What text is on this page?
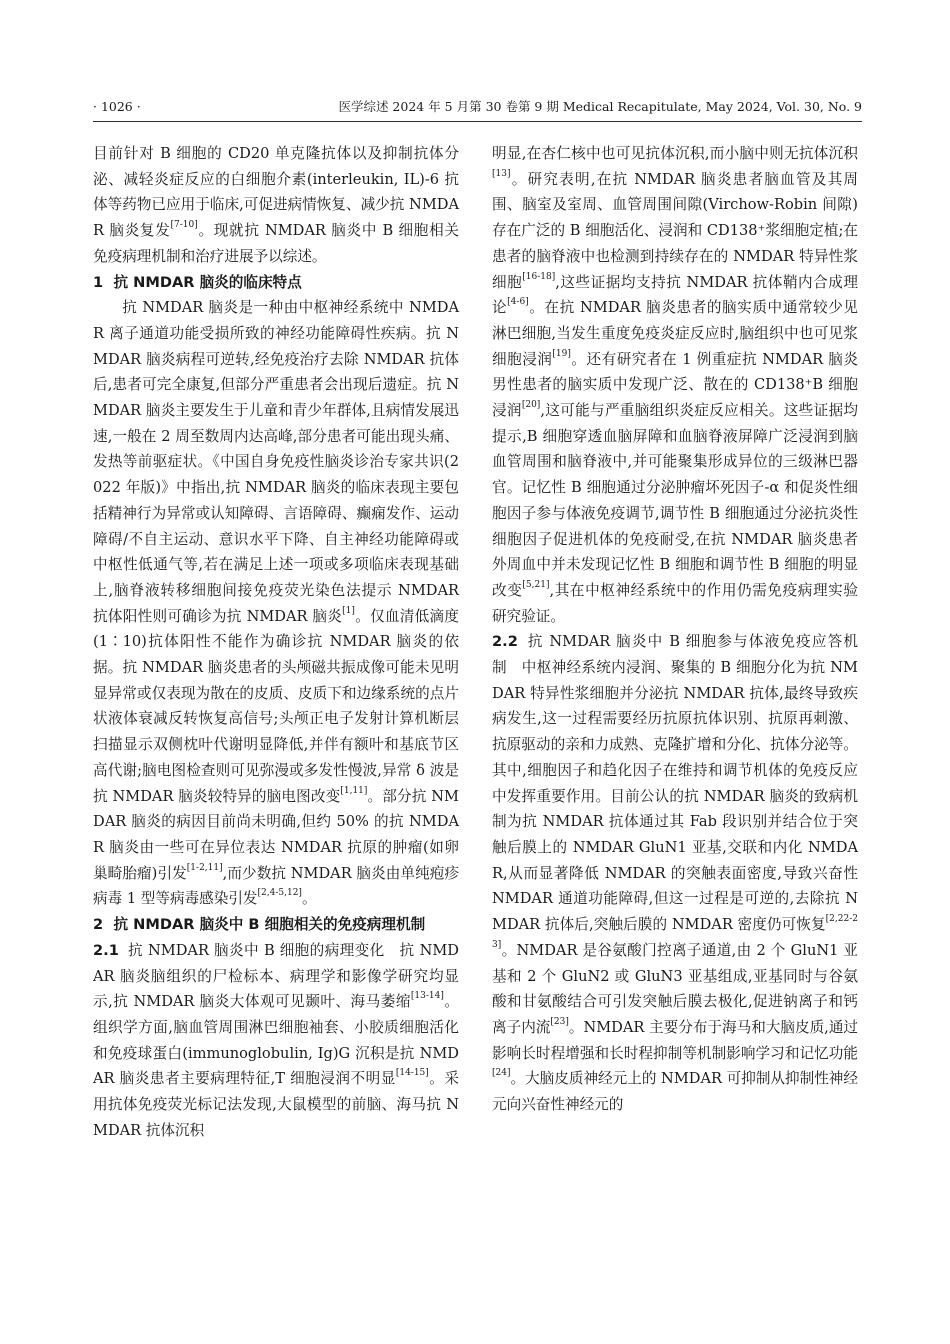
· 1026 ·	医学综述 2024 年 5 月第 30 卷第 9 期 Medical Recapitulate, May 2024, Vol. 30, No. 9

目前针对 B 细胞的 CD20 单克隆抗体以及抑制抗体分泌、减轻炎症反应的白细胞介素(interleukin, IL)-6 抗体等药物已应用于临床,可促进病情恢复、减少抗 NMDAR 脑炎复发[7-10]。现就抗 NMDAR 脑炎中 B 细胞相关免疫病理机制和治疗进展予以综述。

1 抗 NMDAR 脑炎的临床特点

抗 NMDAR 脑炎是一种由中枢神经系统中 NMDAR 离子通道功能受损所致的神经功能障碍性疾病。抗 NMDAR 脑炎病程可逆转,经免疫治疗去除 NMDAR 抗体后,患者可完全康复,但部分严重患者会出现后遗症。抗 NMDAR 脑炎主要发生于儿童和青少年群体,且病情发展迅速,一般在 2 周至数周内达高峰,部分患者可能出现头痛、发热等前驱症状。《中国自身免疫性脑炎诊治专家共识(2022 年版)》中指出,抗 NMDAR 脑炎的临床表现主要包括精神行为异常或认知障碍、言语障碍、癫痫发作、运动障碍/不自主运动、意识水平下降、自主神经功能障碍或中枢性低通气等,若在满足上述一项或多项临床表现基础上,脑脊液转移细胞间接免疫荧光染色法提示 NMDAR 抗体阳性则可确诊为抗 NMDAR 脑炎[1]。仅血清低滴度(1∶10)抗体阳性不能作为确诊抗 NMDAR 脑炎的依据。抗 NMDAR 脑炎患者的头颅磁共振成像可能未见明显异常或仅表现为散在的皮质、皮质下和边缘系统的点片状液体衰减反转恢复高信号;头颅正电子发射计算机断层扫描显示双侧枕叶代谢明显降低,并伴有额叶和基底节区高代谢;脑电图检查则可见弥漫或多发性慢波,异常 δ 波是抗 NMDAR 脑炎较特异的脑电图改变[1,11]。部分抗 NMDAR 脑炎的病因目前尚未明确,但约 50% 的抗 NMDAR 脑炎由一些可在异位表达 NMDAR 抗原的肿瘤(如卵巢畸胎瘤)引发[1-2,11],而少数抗 NMDAR 脑炎由单纯疱疹病毒 1 型等病毒感染引发[2,4-5,12]。

2 抗 NMDAR 脑炎中 B 细胞相关的免疫病理机制

2.1 抗 NMDAR 脑炎中 B 细胞的病理变化  抗 NMDAR 脑炎脑组织的尸检标本、病理学和影像学研究均显示,抗 NMDAR 脑炎大体观可见颞叶、海马萎缩[13-14]。组织学方面,脑血管周围淋巴细胞袖套、小胶质细胞活化和免疫球蛋白(immunoglobulin, Ig)G 沉积是抗 NMDAR 脑炎患者主要病理特征,T 细胞浸润不明显[14-15]。采用抗体免疫荧光标记法发现,大鼠模型的前脑、海马抗 NMDAR 抗体沉积

明显,在杏仁核中也可见抗体沉积,而小脑中则无抗体沉积[13]。研究表明,在抗 NMDAR 脑炎患者脑血管及其周围、脑室及室周、血管周围间隙(Virchow-Robin 间隙)存在广泛的 B 细胞活化、浸润和 CD138⁺浆细胞定植;在患者的脑脊液中也检测到持续存在的 NMDAR 特异性浆细胞[16-18],这些证据均支持抗 NMDAR 抗体鞘内合成理论[4-6]。在抗 NMDAR 脑炎患者的脑实质中通常较少见淋巴细胞,当发生重度免疫炎症反应时,脑组织中也可见浆细胞浸润[19]。还有研究者在 1 例重症抗 NMDAR 脑炎男性患者的脑实质中发现广泛、散在的 CD138⁺B 细胞浸润[20],这可能与严重脑组织炎症反应相关。这些证据均提示,B 细胞穿透血脑屏障和血脑脊液屏障广泛浸润到脑血管周围和脑脊液中,并可能聚集形成异位的三级淋巴器官。记忆性 B 细胞通过分泌肿瘤坏死因子-α 和促炎性细胞因子参与体液免疫调节,调节性 B 细胞通过分泌抗炎性细胞因子促进机体的免疫耐受,在抗 NMDAR 脑炎患者外周血中并未发现记忆性 B 细胞和调节性 B 细胞的明显改变[5,21],其在中枢神经系统中的作用仍需免疫病理实验研究验证。

2.2 抗 NMDAR 脑炎中 B 细胞参与体液免疫应答机制  中枢神经系统内浸润、聚集的 B 细胞分化为抗 NMDAR 特异性浆细胞并分泌抗 NMDAR 抗体,最终导致疾病发生,这一过程需要经历抗原抗体识别、抗原再刺激、抗原驱动的亲和力成熟、克隆扩增和分化、抗体分泌等。其中,细胞因子和趋化因子在维持和调节机体的免疫反应中发挥重要作用。目前公认的抗 NMDAR 脑炎的致病机制为抗 NMDAR 抗体通过其 Fab 段识别并结合位于突触后膜上的 NMDAR GluN1 亚基,交联和内化 NMDAR,从而显著降低 NMDAR 的突触表面密度,导致兴奋性 NMDAR 通道功能障碍,但这一过程是可逆的,去除抗 NMDAR 抗体后,突触后膜的 NMDAR 密度仍可恢复[2,22-23]。NMDAR 是谷氨酸门控离子通道,由 2 个 GluN1 亚基和 2 个 GluN2 或 GluN3 亚基组成,亚基同时与谷氨酸和甘氨酸结合可引发突触后膜去极化,促进钠离子和钙离子内流[23]。NMDAR 主要分布于海马和大脑皮质,通过影响长时程增强和长时程抑制等机制影响学习和记忆功能[24]。大脑皮质神经元上的 NMDAR 可抑制从抑制性神经元向兴奋性神经元的
